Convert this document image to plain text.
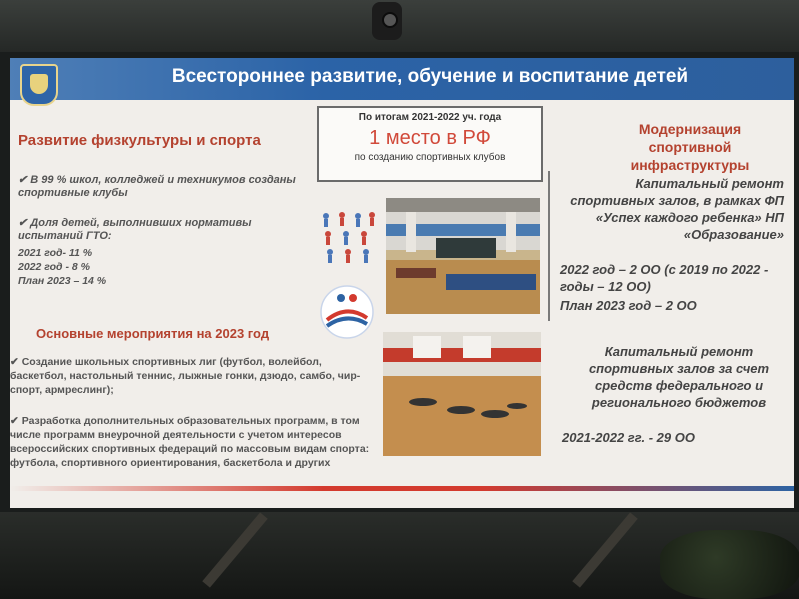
Всестороннее развитие, обучение и воспитание детей
Развитие физкультуры и спорта
✔ В 99 % школ, колледжей и техникумов созданы спортивные клубы
✔ Доля детей, выполнивших нормативы испытаний ГТО:
2021 год- 11 %
2022 год - 8 %
План 2023 – 14 %
Основные мероприятия на 2023 год
✔ Создание школьных спортивных лиг (футбол, волейбол, баскетбол, настольный теннис, лыжные гонки, дзюдо, самбо, чир-спорт, армреслинг);
✔ Разработка дополнительных образовательных программ, в том числе программ внеурочной деятельности с учетом интересов всероссийских спортивных федераций по массовым видам спорта: футбола, спортивного ориентирования, баскетбола и других
По итогам 2021-2022 уч. года
1 место в РФ
по созданию спортивных клубов
Модернизация спортивной инфраструктуры
Капитальный ремонт спортивных залов, в рамках ФП «Успех каждого ребенка» НП «Образование»
2022 год – 2 ОО (с 2019 по 2022 - годы – 12 ОО)
План 2023 год – 2 ОО
Капитальный ремонт спортивных залов за счет средств федерального и регионального бюджетов
2021-2022 гг. - 29 ОО
